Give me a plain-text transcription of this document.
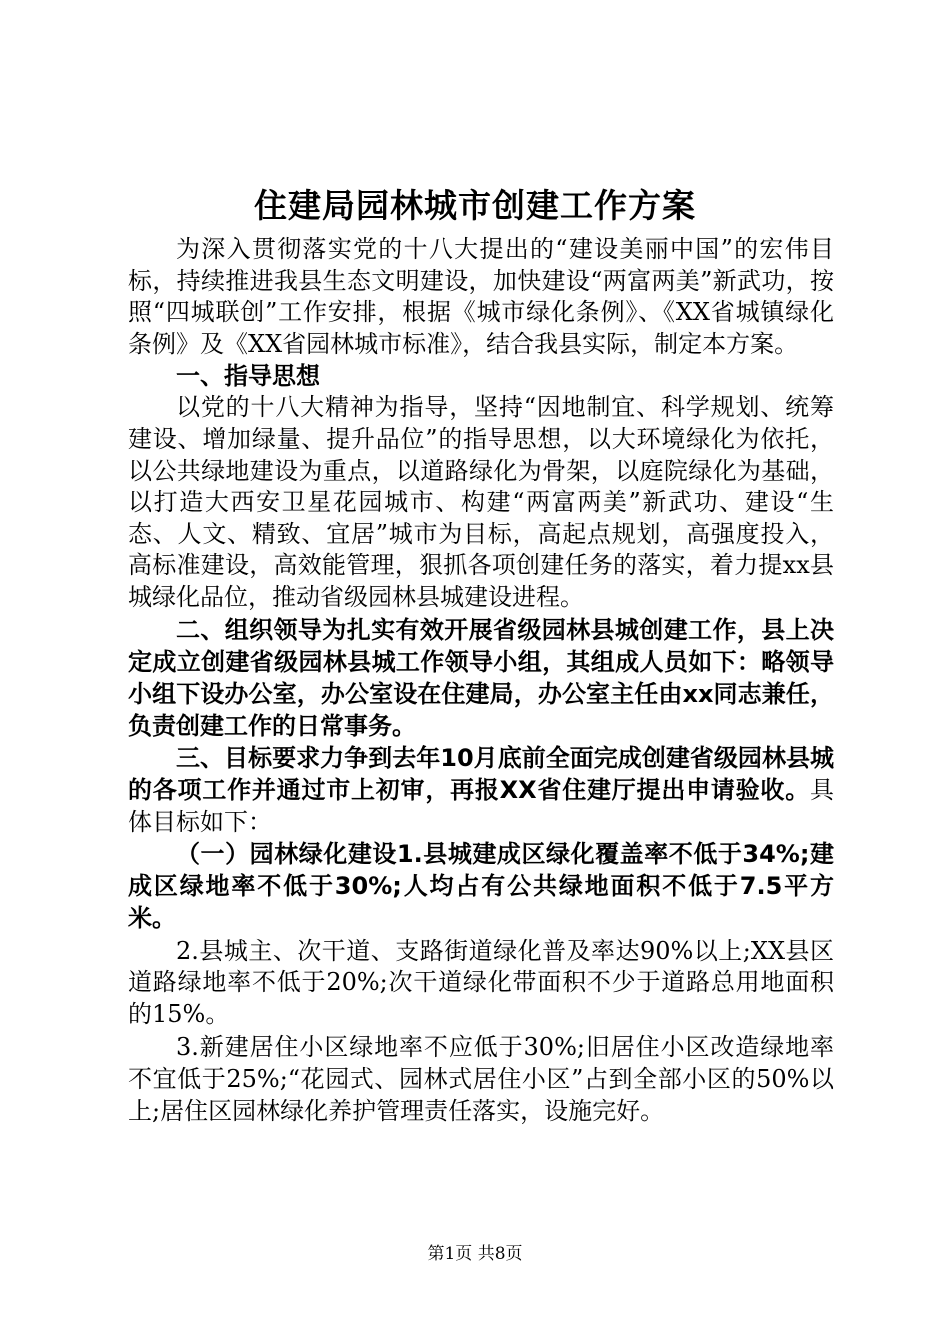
住建局园林城市创建工作方案

为深入贯彻落实党的十八大提出的“建设美丽中国”的宏伟目标，持续推进我县生态文明建设，加快建设“两富两美”新武功，按照“四城联创”工作安排，根据《城市绿化条例》、《XX省城镇绿化条例》及《XX省园林城市标准》，结合我县实际，制定本方案。

一、指导思想

以党的十八大精神为指导，坚持“因地制宜、科学规划、统筹建设、增加绿量、提升品位”的指导思想，以大环境绿化为依托，以公共绿地建设为重点，以道路绿化为骨架，以庭院绿化为基础，以打造大西安卫星花园城市、构建“两富两美”新武功、建设“生态、人文、精致、宜居”城市为目标，高起点规划，高强度投入，高标准建设，高效能管理，狠抓各项创建任务的落实，着力提xx县城绿化品位，推动省级园林县城建设进程。

二、组织领导为扎实有效开展省级园林县城创建工作，县上决定成立创建省级园林县城工作领导小组，其组成人员如下：略领导小组下设办公室，办公室设在住建局，办公室主任由xx同志兼任，负责创建工作的日常事务。

三、目标要求力争到去年10月底前全面完成创建省级园林县城的各项工作并通过市上初审，再报XX省住建厅提出申请验收。具体目标如下：

（一）园林绿化建设1.县城建成区绿化覆盖率不低于34%;建成区绿地率不低于30%;人均占有公共绿地面积不低于7.5平方米。

2.县城主、次干道、支路街道绿化普及率达90%以上;XX县区道路绿地率不低于20%;次干道绿化带面积不少于道路总用地面积的15%。

3.新建居住小区绿地率不应低于30%;旧居住小区改造绿地率不宜低于25%;“花园式、园林式居住小区”占到全部小区的50%以上;居住区园林绿化养护管理责任落实，设施完好。

第1页 共8页
